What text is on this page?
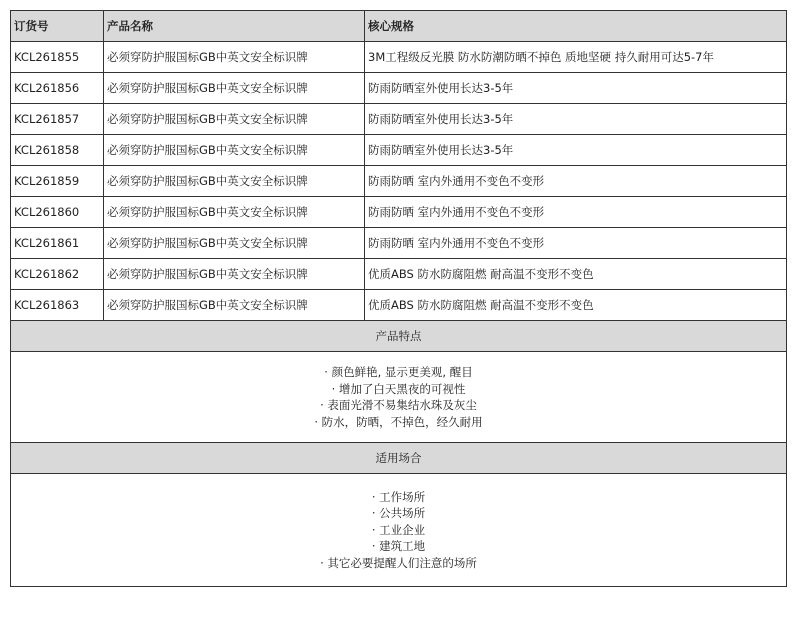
订货号	产品名称	核心规格
KCL261855	必须穿防护服国标GB中英文安全标识牌	3M工程级反光膜 防水防潮防晒不掉色 质地坚硬 持久耐用可达5-7年
KCL261856	必须穿防护服国标GB中英文安全标识牌	防雨防晒室外使用长达3-5年
KCL261857	必须穿防护服国标GB中英文安全标识牌	防雨防晒室外使用长达3-5年
KCL261858	必须穿防护服国标GB中英文安全标识牌	防雨防晒室外使用长达3-5年
KCL261859	必须穿防护服国标GB中英文安全标识牌	防雨防晒 室内外通用不变色不变形
KCL261860	必须穿防护服国标GB中英文安全标识牌	防雨防晒 室内外通用不变色不变形
KCL261861	必须穿防护服国标GB中英文安全标识牌	防雨防晒 室内外通用不变色不变形
KCL261862	必须穿防护服国标GB中英文安全标识牌	优质ABS 防水防腐阻燃 耐高温不变形不变色
KCL261863	必须穿防护服国标GB中英文安全标识牌	优质ABS 防水防腐阻燃 耐高温不变形不变色
产品特点		

· 颜色鲜艳, 显示更美观, 醒目
· 增加了白天黑夜的可视性
· 表面光滑不易集结水珠及灰尘
· 防水，防晒，不掉色，经久耐用		

适用场合		

· 工作场所
· 公共场所
· 工业企业
· 建筑工地
· 其它必要提醒人们注意的场所		
